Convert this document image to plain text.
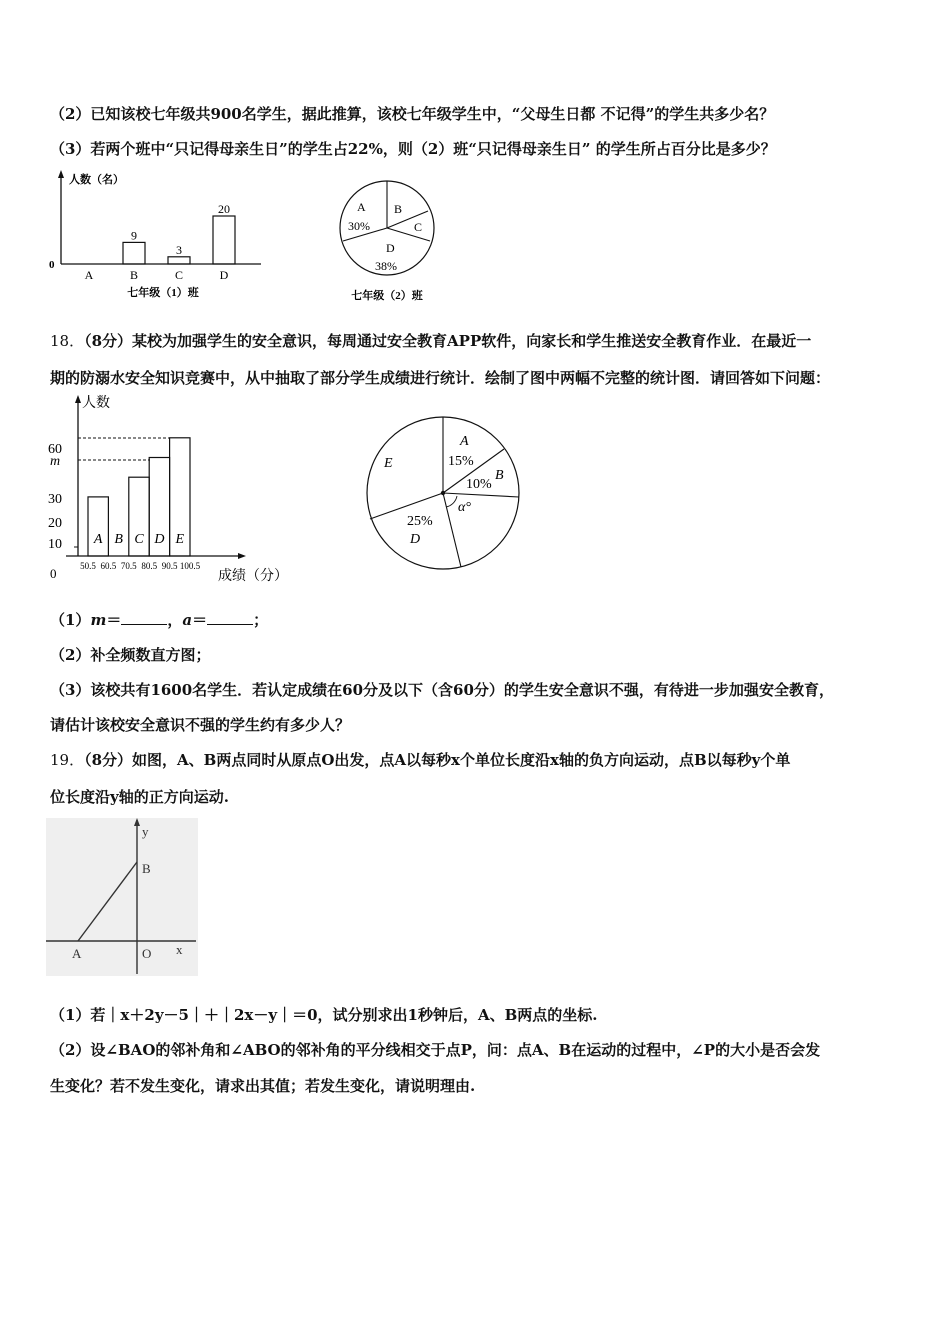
（2）已知该校七年级共900名学生，据此推算，该校七年级学生中，“父母生日都 不记得”的学生共多少名？
（3）若两个班中“只记得母亲生日”的学生占22%，则（2）班“只记得母亲生日” 的学生所占百分比是多少？
人数（名）
0
A
9
B
3
C
20
D
七年级（1）班
A
30%
B
C
D
38%
七年级（2）班
18．（8分）某校为加强学生的安全意识，每周通过安全教育APP软件，向家长和学生推送安全教育作业．在最近一
期的防溺水安全知识竞赛中，从中抽取了部分学生成绩进行统计．绘制了图中两幅不完整的统计图．请回答如下问题：
人数
0
60
m
30
20
10 A B C D E
50.5 60.5 70.5 80.5 90.5 100.5
成绩（分）
A
15%
B
10%
α°
25%
D
E
（1）m＝	，a＝	；
（2）补全频数直方图；
（3）该校共有1600名学生．若认定成绩在60分及以下（含60分）的学生安全意识不强，有待进一步加强安全教育，
请估计该校安全意识不强的学生约有多少人？
19．（8分）如图，A、B两点同时从原点O出发，点A以每秒x个单位长度沿x轴的负方向运动，点B以每秒y个单
位长度沿y轴的正方向运动.
y
B
A	O x
（1）若｜x＋2y－5｜＋｜2x－y｜＝0，试分别求出1秒钟后，A、B两点的坐标.
（2）设∠BAO的邻补角和∠ABO的邻补角的平分线相交于点P，问：点A、B在运动的过程中，∠P的大小是否会发
生变化？若不发生变化，请求出其值；若发生变化，请说明理由.
